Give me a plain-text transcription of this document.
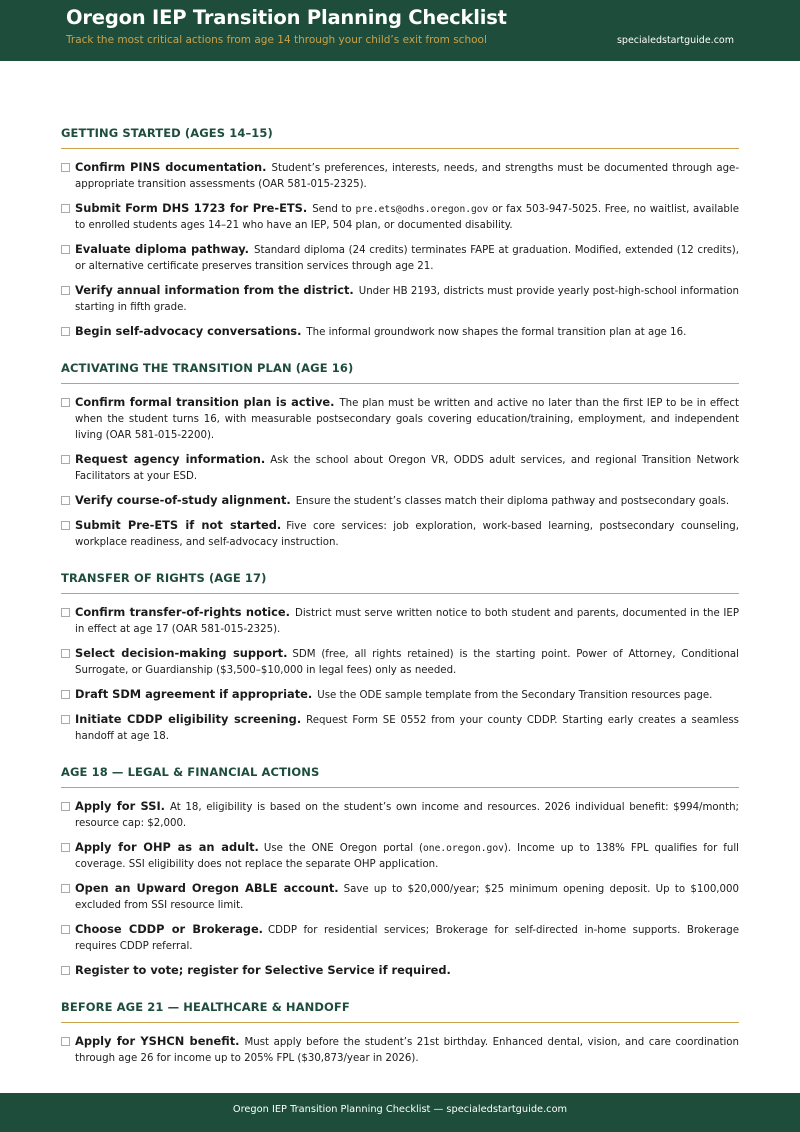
Oregon IEP Transition Planning Checklist
Track the most critical actions from age 14 through your child’s exit from school	specialedstartguide.com
GETTING STARTED (AGES 14–15)
Confirm PINS documentation. Student’s preferences, interests, needs, and strengths must be documented through age-appropriate transition assessments (OAR 581-015-2325).
Submit Form DHS 1723 for Pre-ETS. Send to pre.ets@odhs.oregon.gov or fax 503-947-5025. Free, no waitlist, available to enrolled students ages 14–21 who have an IEP, 504 plan, or documented disability.
Evaluate diploma pathway. Standard diploma (24 credits) terminates FAPE at graduation. Modified, extended (12 credits), or alternative certificate preserves transition services through age 21.
Verify annual information from the district. Under HB 2193, districts must provide yearly post-high-school information starting in fifth grade.
Begin self-advocacy conversations. The informal groundwork now shapes the formal transition plan at age 16.
ACTIVATING THE TRANSITION PLAN (AGE 16)
Confirm formal transition plan is active. The plan must be written and active no later than the first IEP to be in effect when the student turns 16, with measurable postsecondary goals covering education/training, employment, and independent living (OAR 581-015-2200).
Request agency information. Ask the school about Oregon VR, ODDS adult services, and regional Transition Network Facilitators at your ESD.
Verify course-of-study alignment. Ensure the student’s classes match their diploma pathway and postsecondary goals.
Submit Pre-ETS if not started. Five core services: job exploration, work-based learning, postsecondary counseling, workplace readiness, and self-advocacy instruction.
TRANSFER OF RIGHTS (AGE 17)
Confirm transfer-of-rights notice. District must serve written notice to both student and parents, documented in the IEP in effect at age 17 (OAR 581-015-2325).
Select decision-making support. SDM (free, all rights retained) is the starting point. Power of Attorney, Conditional Surrogate, or Guardianship ($3,500–$10,000 in legal fees) only as needed.
Draft SDM agreement if appropriate. Use the ODE sample template from the Secondary Transition resources page.
Initiate CDDP eligibility screening. Request Form SE 0552 from your county CDDP. Starting early creates a seamless handoff at age 18.
AGE 18 — LEGAL & FINANCIAL ACTIONS
Apply for SSI. At 18, eligibility is based on the student’s own income and resources. 2026 individual benefit: $994/month; resource cap: $2,000.
Apply for OHP as an adult. Use the ONE Oregon portal (one.oregon.gov). Income up to 138% FPL qualifies for full coverage. SSI eligibility does not replace the separate OHP application.
Open an Upward Oregon ABLE account. Save up to $20,000/year; $25 minimum opening deposit. Up to $100,000 excluded from SSI resource limit.
Choose CDDP or Brokerage. CDDP for residential services; Brokerage for self-directed in-home supports. Brokerage requires CDDP referral.
Register to vote; register for Selective Service if required.
BEFORE AGE 21 — HEALTHCARE & HANDOFF
Apply for YSHCN benefit. Must apply before the student’s 21st birthday. Enhanced dental, vision, and care coordination through age 26 for income up to 205% FPL ($30,873/year in 2026).
Oregon IEP Transition Planning Checklist — specialedstartguide.com
